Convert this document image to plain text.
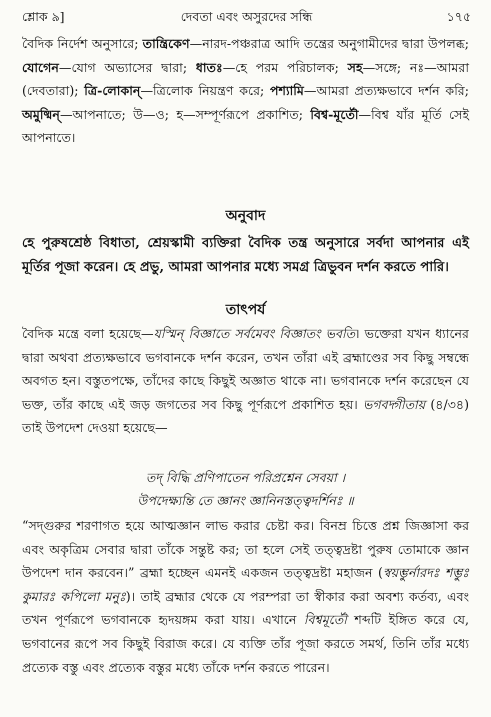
শ্লোক ৯]	দেবতা এবং অসুরদের সন্ধি	১৭৫

বৈদিক নির্দেশ অনুসারে; তান্ত্রিকেণ—নারদ-পঞ্চরাত্র আদি তন্ত্রের অনুগামীদের দ্বারা উপলব্ধ; যোগেন—যোগ অভ্যাসের দ্বারা; ধাতঃ—হে পরম পরিচালক; সহ—সঙ্গে; নঃ—আমরা (দেবতারা); ত্রি-লোকান্—ত্রিলোক নিয়ন্ত্রণ করে; পশ্যামি—আমরা প্রত্যক্ষভাবে দর্শন করি; অমুষ্মিন্—আপনাতে; উ—ও; হ—সম্পূর্ণরূপে প্রকাশিত; বিশ্ব-মূর্তৌ—বিশ্ব যাঁর মূর্তি সেই আপনাতে।

অনুবাদ

হে পুরুষশ্রেষ্ঠ বিধাতা, শ্রেয়স্কামী ব্যক্তিরা বৈদিক তন্ত্র অনুসারে সর্বদা আপনার এই মূর্তির পূজা করেন। হে প্রভু, আমরা আপনার মধ্যে সমগ্র ত্রিভুবন দর্শন করতে পারি।

তাৎপর্য

বৈদিক মন্ত্রে বলা হয়েছে—যস্মিন্ বিজ্ঞাতে সর্বমেবং বিজ্ঞাতং ভবতি। ভক্তেরা যখন ধ্যানের দ্বারা অথবা প্রত্যক্ষভাবে ভগবানকে দর্শন করেন, তখন তাঁরা এই ব্রহ্মাণ্ডের সব কিছু সম্বন্ধে অবগত হন। বস্তুতপক্ষে, তাঁদের কাছে কিছুই অজ্ঞাত থাকে না। ভগবানকে দর্শন করেছেন যে ভক্ত, তাঁর কাছে এই জড় জগতের সব কিছু পূর্ণরূপে প্রকাশিত হয়। ভগবদ্গীতায় (৪/৩৪) তাই উপদেশ দেওয়া হয়েছে—

তদ্ বিদ্ধি প্রণিপাতেন পরিপ্রশ্নেন সেবয়া ।
উপদেক্ষ্যন্তি তে জ্ঞানং জ্ঞানিনস্তত্ত্বদর্শিনঃ ॥

“সদ্গুরুর শরণাগত হয়ে আত্মজ্ঞান লাভ করার চেষ্টা কর। বিনম্র চিত্তে প্রশ্ন জিজ্ঞাসা কর এবং অকৃত্রিম সেবার দ্বারা তাঁকে সন্তুষ্ট কর; তা হলে সেই তত্ত্বদ্রষ্টা পুরুষ তোমাকে জ্ঞান উপদেশ দান করবেন।” ব্রহ্মা হচ্ছেন এমনই একজন তত্ত্বদ্রষ্টা মহাজন (স্বয়ম্ভুর্নারদঃ শম্ভুঃ কুমারঃ কপিলো মনুঃ)। তাই ব্রহ্মার থেকে যে পরম্পরা তা স্বীকার করা অবশ্য কর্তব্য, এবং তখন পূর্ণরূপে ভগবানকে হৃদয়ঙ্গম করা যায়। এখানে বিশ্বমূর্তৌ শব্দটি ইঙ্গিত করে যে, ভগবানের রূপে সব কিছুই বিরাজ করে। যে ব্যক্তি তাঁর পূজা করতে সমর্থ, তিনি তাঁর মধ্যে প্রত্যেক বস্তু এবং প্রত্যেক বস্তুর মধ্যে তাঁকে দর্শন করতে পারেন।
